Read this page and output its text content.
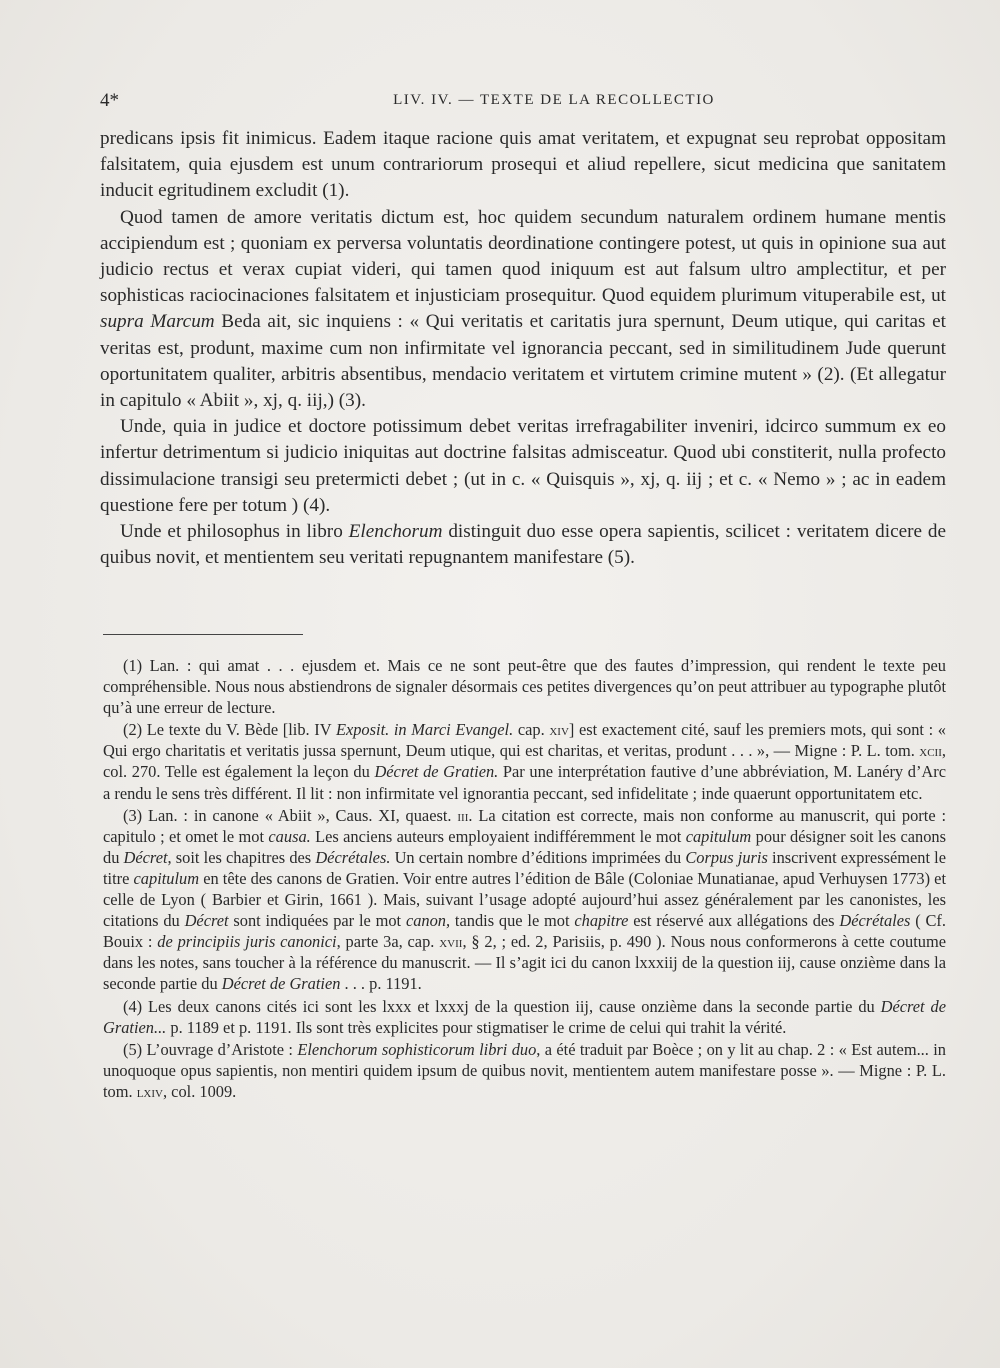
4*	LIV. IV. — TEXTE DE LA RECOLLECTIO

predicans ipsis fit inimicus. Eadem itaque racione quis amat veritatem, et expugnat seu reprobat oppositam falsitatem, quia ejusdem est unum contrariorum prosequi et aliud repellere, sicut medicina que sanitatem inducit egritudinem excludit (1).

Quod tamen de amore veritatis dictum est, hoc quidem secundum naturalem ordinem humane mentis accipiendum est ; quoniam ex perversa voluntatis deordinatione contingere potest, ut quis in opinione sua aut judicio rectus et verax cupiat videri, qui tamen quod iniquum est aut falsum ultro amplectitur, et per sophisticas raciocinaciones falsitatem et injusticiam prosequitur. Quod equidem plurimum vituperabile est, ut supra Marcum Beda ait, sic inquiens : « Qui veritatis et caritatis jura spernunt, Deum utique, qui caritas et veritas est, produnt, maxime cum non infirmitate vel ignorancia peccant, sed in similitudinem Jude querunt oportunitatem qualiter, arbitris absentibus, mendacio veritatem et virtutem crimine mutent » (2). (Et allegatur in capitulo « Abiit », xj, q. iij,) (3).

Unde, quia in judice et doctore potissimum debet veritas irrefragabiliter inveniri, idcirco summum ex eo infertur detrimentum si judicio iniquitas aut doctrine falsitas admisceatur. Quod ubi constiterit, nulla profecto dissimulacione transigi seu pretermicti debet ; (ut in c. « Quisquis », xj, q. iij ; et c. « Nemo » ; ac in eadem questione fere per totum ) (4).

Unde et philosophus in libro Elenchorum distinguit duo esse opera sapientis, scilicet : veritatem dicere de quibus novit, et mentientem seu veritati repugnantem manifestare (5).

(1) Lan. : qui amat . . . ejusdem et. Mais ce ne sont peut-être que des fautes d’impression, qui rendent le texte peu compréhensible. Nous nous abstiendrons de signaler désormais ces petites divergences qu’on peut attribuer au typographe plutôt qu’à une erreur de lecture.

(2) Le texte du V. Bède [lib. IV Exposit. in Marci Evangel. cap. xiv] est exactement cité, sauf les premiers mots, qui sont : « Qui ergo charitatis et veritatis jussa spernunt, Deum utique, qui est charitas, et veritas, produnt . . . », — Migne : P. L. tom. xcii, col. 270. Telle est également la leçon du Décret de Gratien. Par une interprétation fautive d’une abbréviation, M. Lanéry d’Arc a rendu le sens très différent. Il lit : non infirmitate vel ignorantia peccant, sed infidelitate ; inde quaerunt opportunitatem etc.

(3) Lan. : in canone « Abiit », Caus. XI, quaest. iii. La citation est correcte, mais non conforme au manuscrit, qui porte : capitulo ; et omet le mot causa. Les anciens auteurs employaient indifféremment le mot capitulum pour désigner soit les canons du Décret, soit les chapitres des Décrétales. Un certain nombre d’éditions imprimées du Corpus juris inscrivent expressément le titre capitulum en tête des canons de Gratien. Voir entre autres l’édition de Bâle (Coloniae Munatianae, apud Verhuysen 1773) et celle de Lyon ( Barbier et Girin, 1661 ). Mais, suivant l’usage adopté aujourd’hui assez généralement par les canonistes, les citations du Décret sont indiquées par le mot canon, tandis que le mot chapitre est réservé aux allégations des Décrétales ( Cf. Bouix : de principiis juris canonici, parte 3a, cap. xvii, § 2, ; ed. 2, Parisiis, p. 490 ). Nous nous conformerons à cette coutume dans les notes, sans toucher à la référence du manuscrit. — Il s’agit ici du canon lxxxiij de la question iij, cause onzième dans la seconde partie du Décret de Gratien . . . p. 1191.

(4) Les deux canons cités ici sont les lxxx et lxxxj de la question iij, cause onzième dans la seconde partie du Décret de Gratien... p. 1189 et p. 1191. Ils sont très explicites pour stigmatiser le crime de celui qui trahit la vérité.

(5) L’ouvrage d’Aristote : Elenchorum sophisticorum libri duo, a été traduit par Boèce ; on y lit au chap. 2 : « Est autem... in unoquoque opus sapientis, non mentiri quidem ipsum de quibus novit, mentientem autem manifestare posse ». — Migne : P. L. tom. lxiv, col. 1009.
